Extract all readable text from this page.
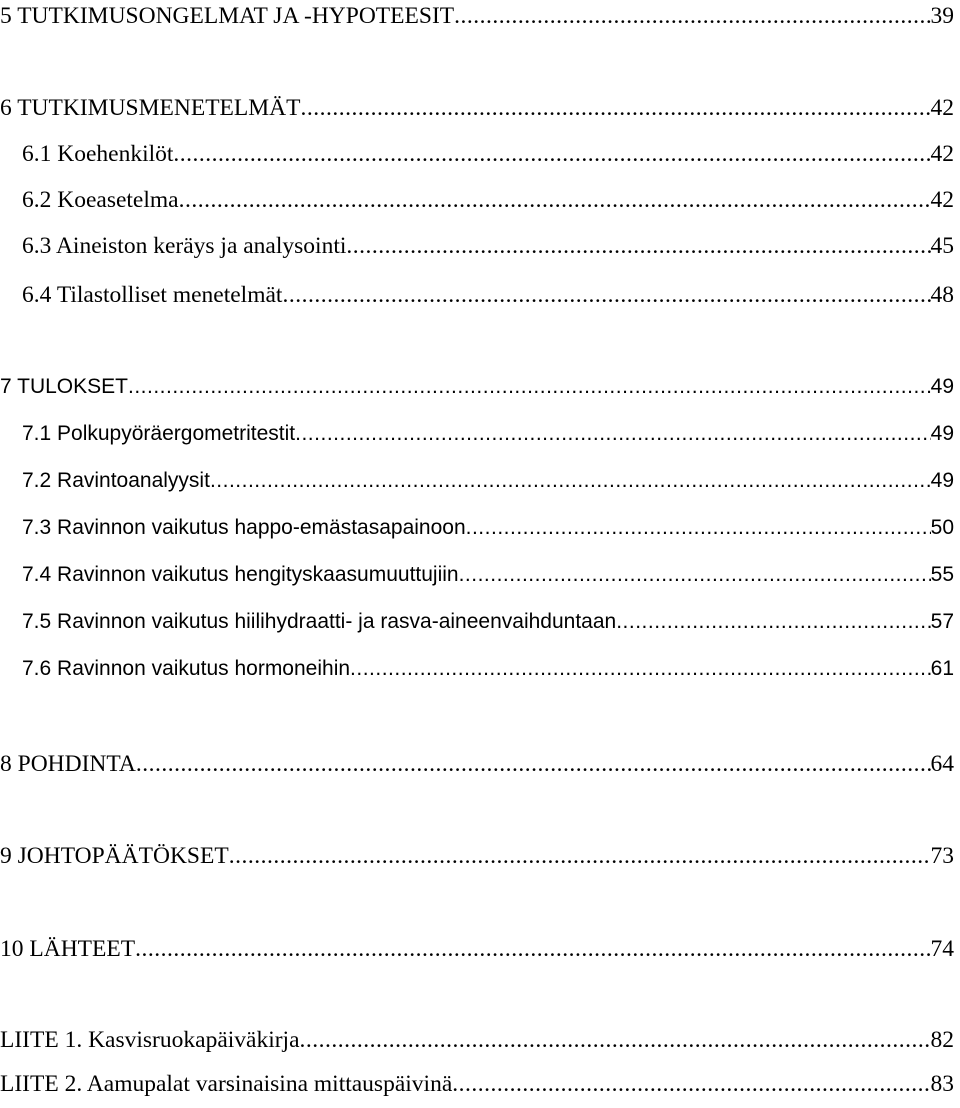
5 TUTKIMUSONGELMAT JA -HYPOTEESIT .....	39
6 TUTKIMUSMENETELMÄT .....	42
6.1 Koehenkilöt .....	42
6.2 Koeasetelma .....	42
6.3 Aineiston keräys ja analysointi .....	45
6.4 Tilastolliset menetelmät .....	48
7 TULOKSET .....	49
7.1 Polkupyöräergometritestit .....	49
7.2 Ravintoanalyysit .....	49
7.3 Ravinnon vaikutus happo-emästasapainoon .....	50
7.4 Ravinnon vaikutus hengityskaasumuuttujiin .....	55
7.5 Ravinnon vaikutus hiilihydraatti- ja rasva-aineenvaihduntaan .....	57
7.6 Ravinnon vaikutus hormoneihin .....	61
8 POHDINTA .....	64
9 JOHTOPÄÄTÖKSET .....	73
10 LÄHTEET .....	74
LIITE 1. Kasvisruokapäiväkirja .....	82
LIITE 2. Aamupalat varsinaisina mittauspäivinä .....	83
